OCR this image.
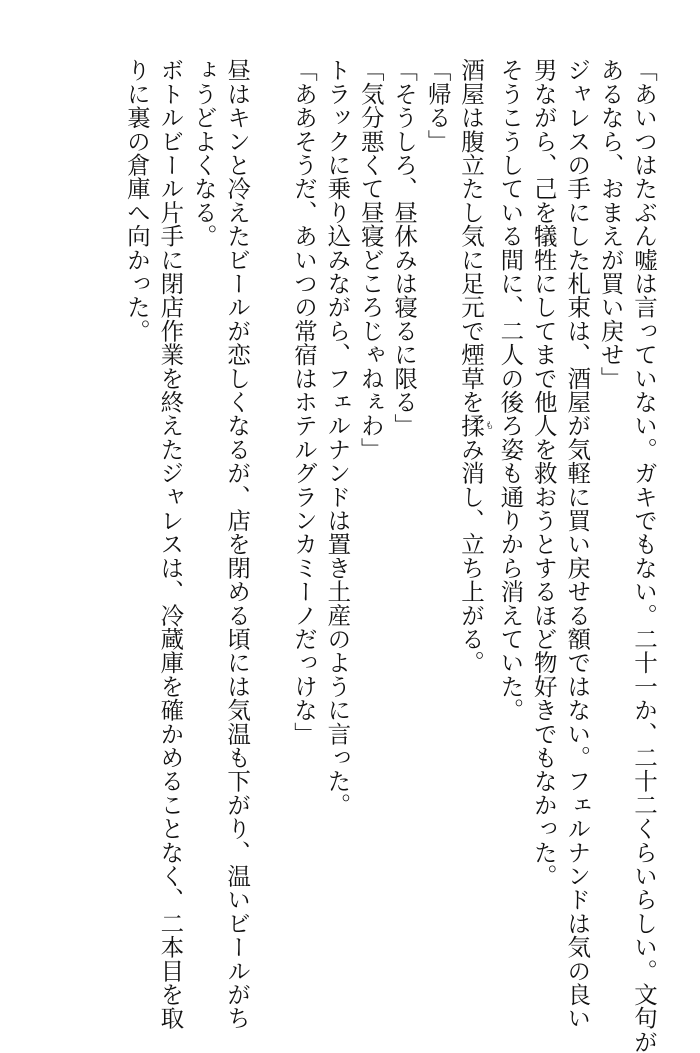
「あいつはたぶん嘘は言っていない。ガキでもない。二十一か、二十二くらいらしい。文句が
あるなら、おまえが買い戻せ」
ジャレスの手にした札束は、酒屋が気軽に買い戻せる額ではない。フェルナンドは気の良い
男ながら、己を犠牲にしてまで他人を救おうとするほど物好きでもなかった。
そうこうしている間に、二人の後ろ姿も通りから消えていた。
酒屋は腹立たし気に足元で煙草を揉もみ消し、立ち上がる。
「帰る」
「そうしろ、昼休みは寝るに限る」
「気分悪くて昼寝どころじゃねぇわ」
トラックに乗り込みながら、フェルナンドは置き土産のように言った。
「ああそうだ、あいつの常宿はホテルグランカミーノだっけな」
昼はキンと冷えたビールが恋しくなるが、店を閉める頃には気温も下がり、温いビールがち
ょうどよくなる。
ボトルビール片手に閉店作業を終えたジャレスは、冷蔵庫を確かめることなく、二本目を取
りに裏の倉庫へ向かった。
